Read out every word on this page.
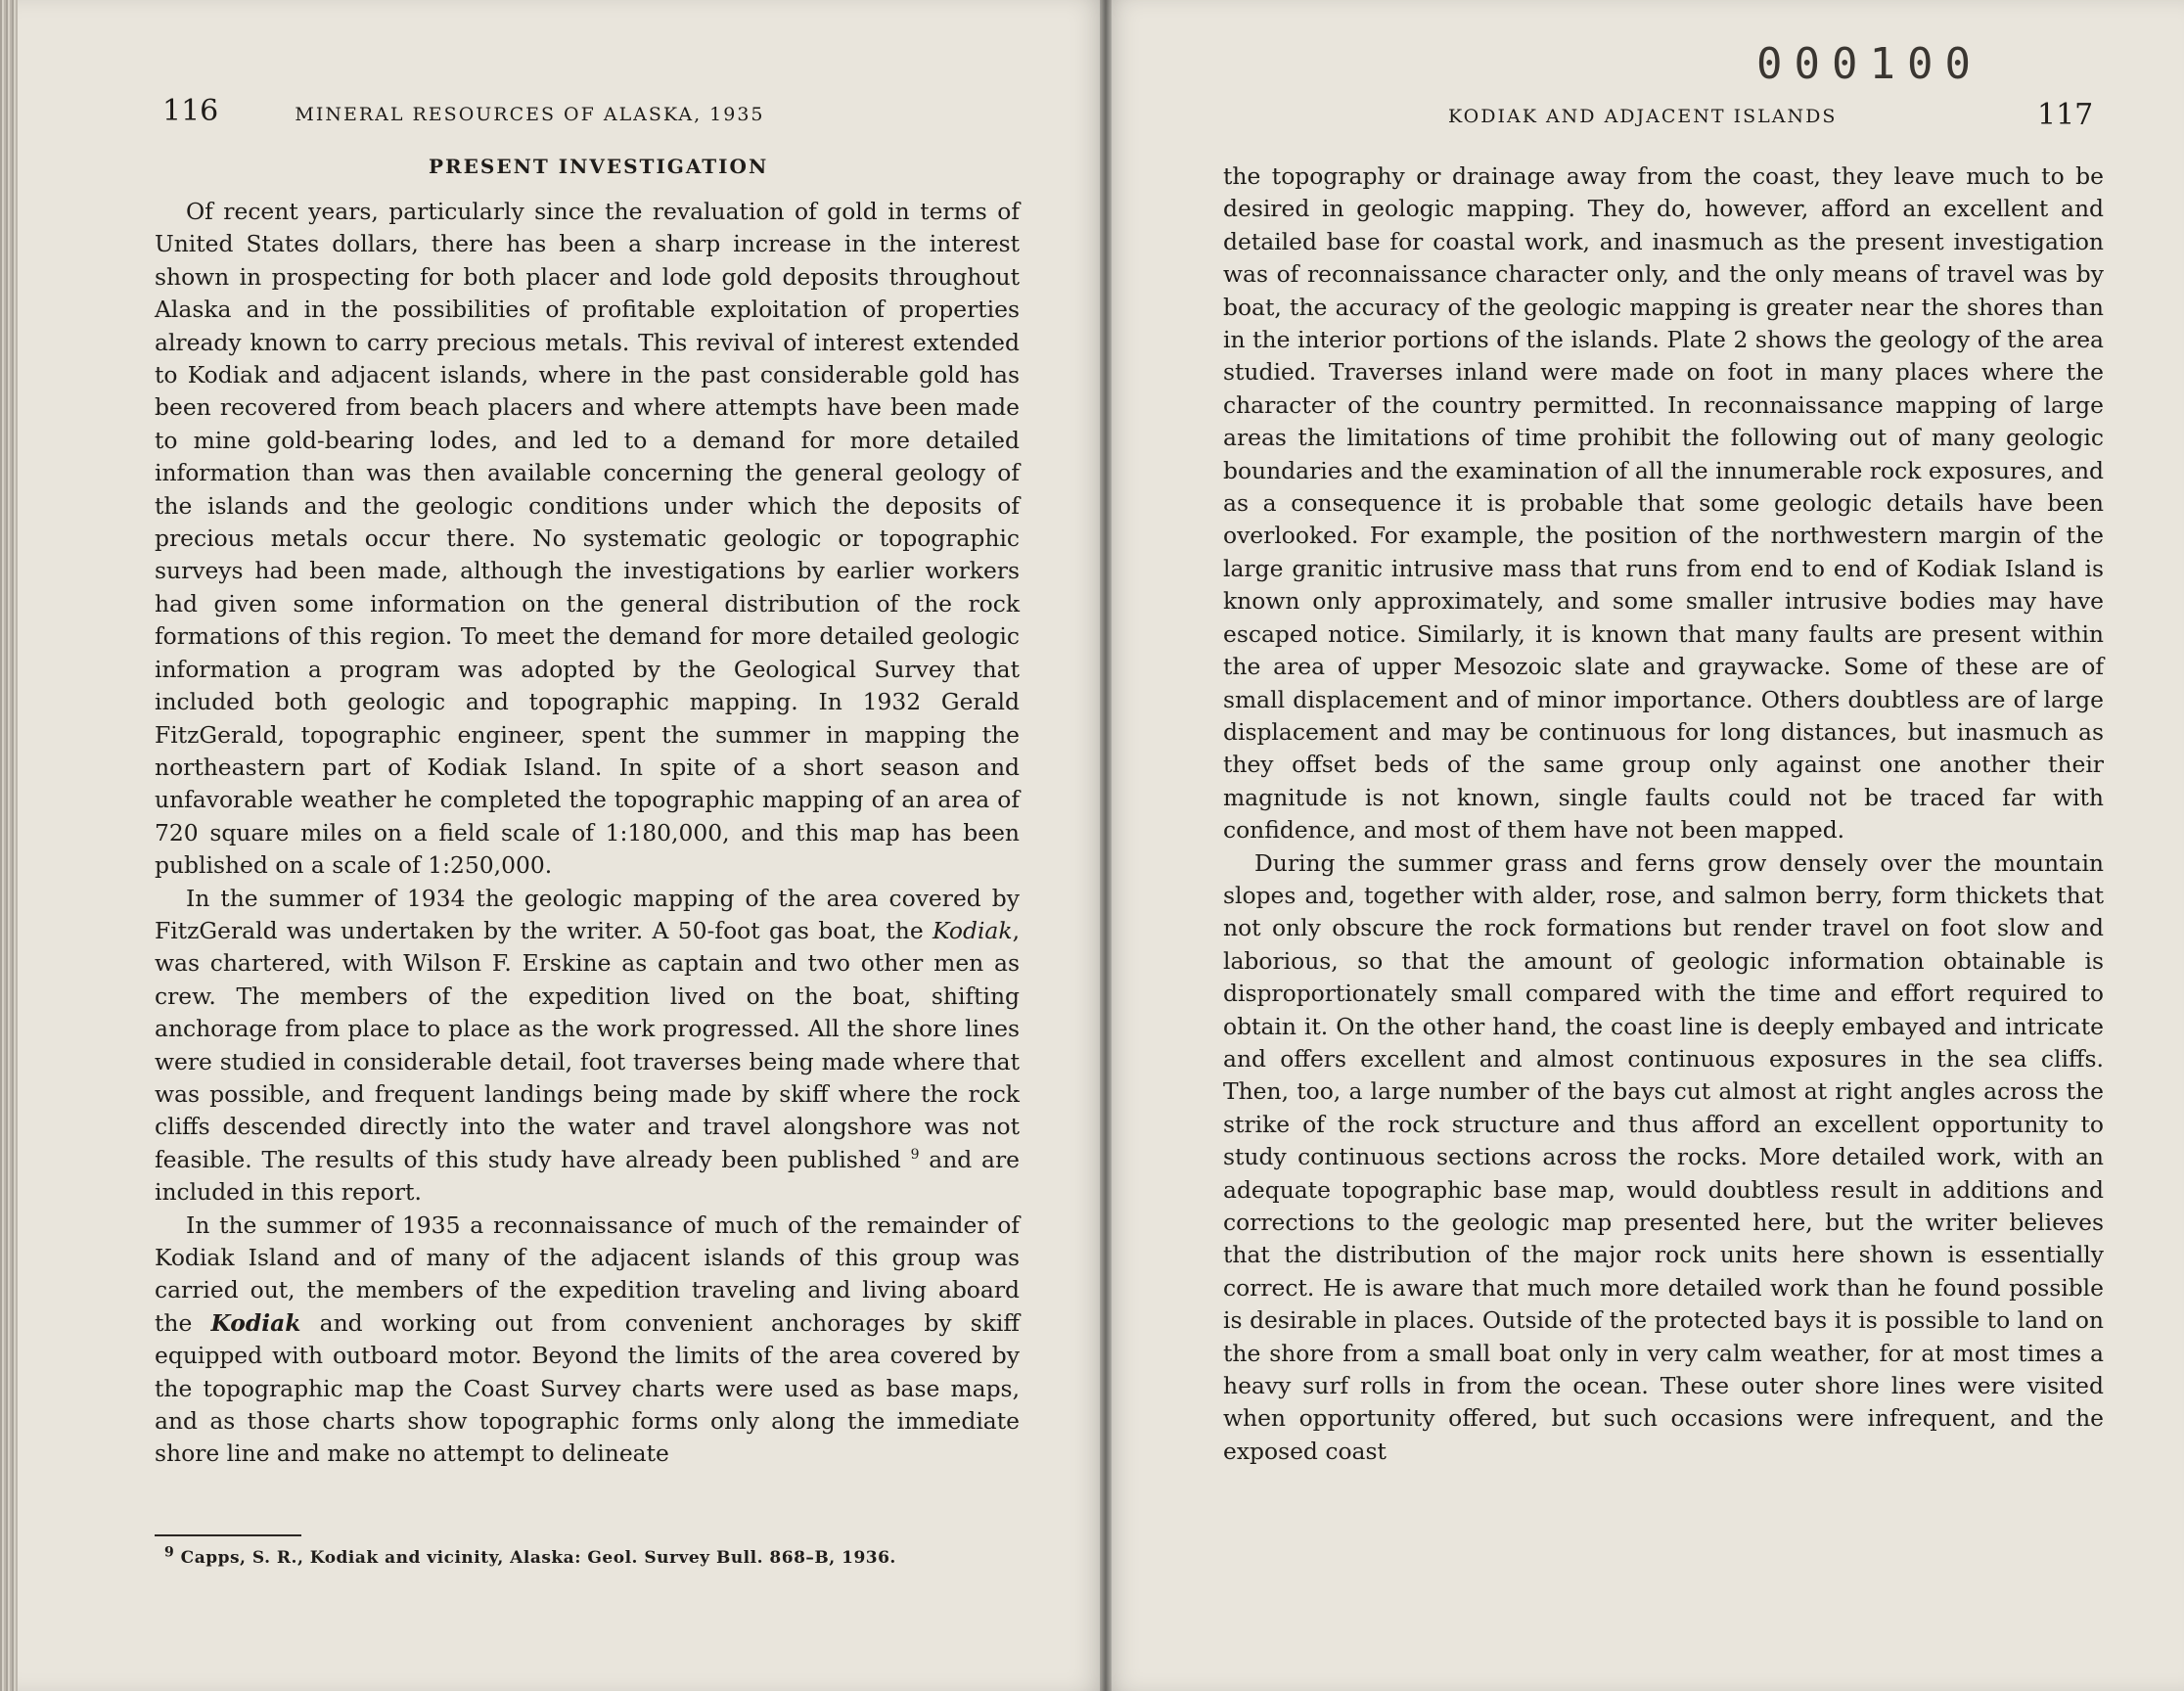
116	MINERAL RESOURCES OF ALASKA, 1935
PRESENT INVESTIGATION

Of recent years, particularly since the revaluation of gold in terms of United States dollars, there has been a sharp increase in the interest shown in prospecting for both placer and lode gold deposits throughout Alaska and in the possibilities of profitable exploitation of properties already known to carry precious metals. This revival of interest extended to Kodiak and adjacent islands, where in the past considerable gold has been recovered from beach placers and where attempts have been made to mine gold-bearing lodes, and led to a demand for more detailed information than was then available concerning the general geology of the islands and the geologic conditions under which the deposits of precious metals occur there. No systematic geologic or topographic surveys had been made, although the investigations by earlier workers had given some information on the general distribution of the rock formations of this region. To meet the demand for more detailed geologic information a program was adopted by the Geological Survey that included both geologic and topographic mapping. In 1932 Gerald FitzGerald, topographic engineer, spent the summer in mapping the northeastern part of Kodiak Island. In spite of a short season and unfavorable weather he completed the topographic mapping of an area of 720 square miles on a field scale of 1:180,000, and this map has been published on a scale of 1:250,000.

In the summer of 1934 the geologic mapping of the area covered by FitzGerald was undertaken by the writer. A 50-foot gas boat, the Kodiak, was chartered, with Wilson F. Erskine as captain and two other men as crew. The members of the expedition lived on the boat, shifting anchorage from place to place as the work progressed. All the shore lines were studied in considerable detail, foot traverses being made where that was possible, and frequent landings being made by skiff where the rock cliffs descended directly into the water and travel alongshore was not feasible. The results of this study have already been published $^9$ and are included in this report.

In the summer of 1935 a reconnaissance of much of the remainder of Kodiak Island and of many of the adjacent islands of this group was carried out, the members of the expedition traveling and living aboard the Kodiak and working out from convenient anchorages by skiff equipped with outboard motor. Beyond the limits of the area covered by the topographic map the Coast Survey charts were used as base maps, and as those charts show topographic forms only along the immediate shore line and make no attempt to delineate

$^9$ Capps, S. R., Kodiak and vicinity, Alaska: Geol. Survey Bull. 868–B, 1936.
000100
KODIAK AND ADJACENT ISLANDS	117

the topography or drainage away from the coast, they leave much to be desired in geologic mapping. They do, however, afford an excellent and detailed base for coastal work, and inasmuch as the present investigation was of reconnaissance character only, and the only means of travel was by boat, the accuracy of the geologic mapping is greater near the shores than in the interior portions of the islands. Plate 2 shows the geology of the area studied. Traverses inland were made on foot in many places where the character of the country permitted. In reconnaissance mapping of large areas the limitations of time prohibit the following out of many geologic boundaries and the examination of all the innumerable rock exposures, and as a consequence it is probable that some geologic details have been overlooked. For example, the position of the northwestern margin of the large granitic intrusive mass that runs from end to end of Kodiak Island is known only approximately, and some smaller intrusive bodies may have escaped notice. Similarly, it is known that many faults are present within the area of upper Mesozoic slate and graywacke. Some of these are of small displacement and of minor importance. Others doubtless are of large displacement and may be continuous for long distances, but inasmuch as they offset beds of the same group only against one another their magnitude is not known, single faults could not be traced far with confidence, and most of them have not been mapped.

During the summer grass and ferns grow densely over the mountain slopes and, together with alder, rose, and salmon berry, form thickets that not only obscure the rock formations but render travel on foot slow and laborious, so that the amount of geologic information obtainable is disproportionately small compared with the time and effort required to obtain it. On the other hand, the coast line is deeply embayed and intricate and offers excellent and almost continuous exposures in the sea cliffs. Then, too, a large number of the bays cut almost at right angles across the strike of the rock structure and thus afford an excellent opportunity to study continuous sections across the rocks. More detailed work, with an adequate topographic base map, would doubtless result in additions and corrections to the geologic map presented here, but the writer believes that the distribution of the major rock units here shown is essentially correct. He is aware that much more detailed work than he found possible is desirable in places. Outside of the protected bays it is possible to land on the shore from a small boat only in very calm weather, for at most times a heavy surf rolls in from the ocean. These outer shore lines were visited when opportunity offered, but such occasions were infrequent, and the exposed coast
